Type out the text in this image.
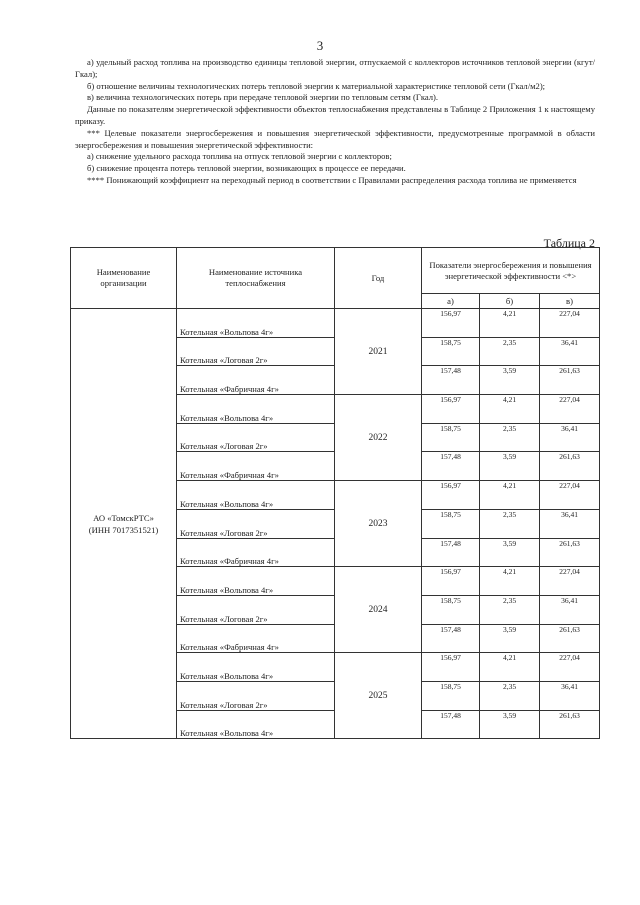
3

а) удельный расход топлива на производство единицы тепловой энергии, отпускаемой с коллекторов источников тепловой энергии (кгут/Гкал);

б) отношение величины технологических потерь тепловой энергии к материальной характеристике тепловой сети (Гкал/м2);

в) величина технологических потерь при передаче тепловой энергии по тепловым сетям (Гкал).

Данные по показателям энергетической эффективности объектов теплоснабжения представлены в Таблице 2 Приложения 1 к настоящему приказу.

*** Целевые показатели энергосбережения и повышения энергетической эффективности, предусмотренные программой в области энергосбережения и повышения энергетической эффективности:

а) снижение удельного расхода топлива на отпуск тепловой энергии с коллекторов;

б) снижение процента потерь тепловой энергии, возникающих в процессе ее передачи.

**** Понижающий коэффициент на переходный период в соответствии с Правилами распределения расхода топлива не применяется

Таблица 2
Наименование организации	Наименование источника теплоснабжения	Год	Показатели энергосбережения и повышения энергетической эффективности <*>		
			а)	б)	в)

АО «ТомскРТС»
(ИНН 7017351521)	Котельная «Вольпова 4г»	2021	156,97	4,21	227,04
	Котельная «Логовая 2г»		158,75	2,35	36,41
	Котельная «Фабричная 4г»		157,48	3,59	261,63
	Котельная «Вольпова 4г»	2022	156,97	4,21	227,04
	Котельная «Логовая 2г»		158,75	2,35	36,41
	Котельная «Фабричная 4г»		157,48	3,59	261,63
	Котельная «Вольпова 4г»	2023	156,97	4,21	227,04
	Котельная «Логовая 2г»		158,75	2,35	36,41
	Котельная «Фабричная 4г»		157,48	3,59	261,63
	Котельная «Вольпова 4г»	2024	156,97	4,21	227,04
	Котельная «Логовая 2г»		158,75	2,35	36,41
	Котельная «Фабричная 4г»		157,48	3,59	261,63
	Котельная «Вольпова 4г»	2025	156,97	4,21	227,04
	Котельная «Логовая 2г»		158,75	2,35	36,41
	Котельная «Вольпова 4г»		157,48	3,59	261,63
